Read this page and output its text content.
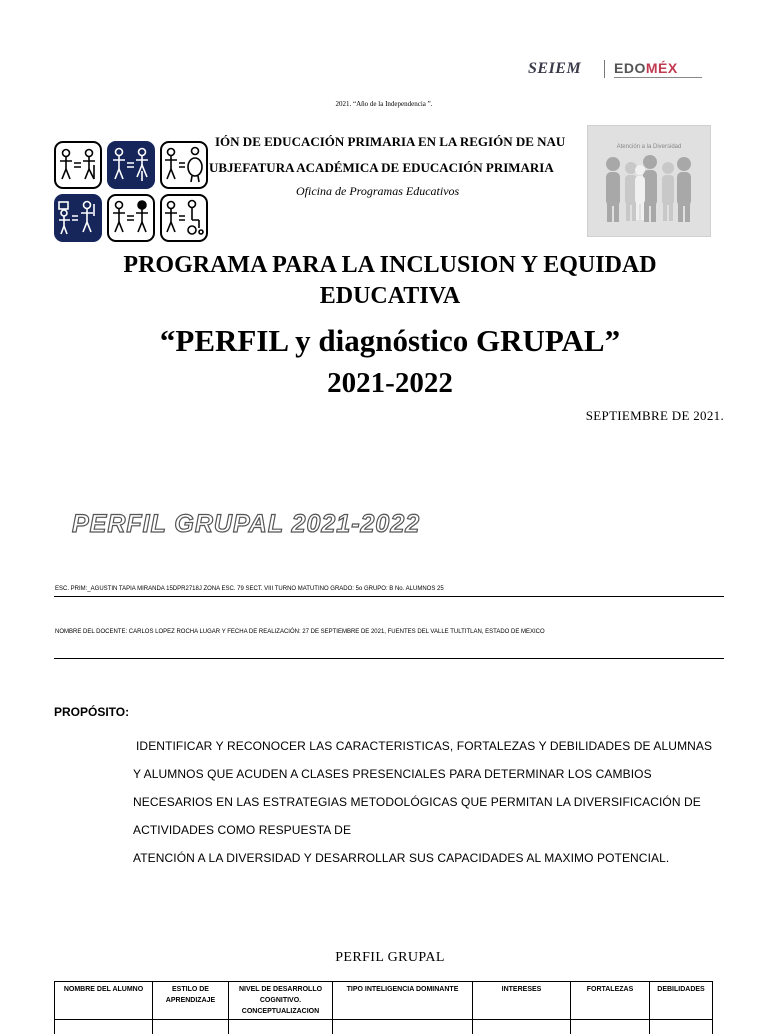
SEIEM EDOMÉX
2021. “Año de la Independencia ”.
IÓN DE EDUCACIÓN PRIMARIA EN LA REGIÓN DE NAU
UBJEFATURA ACADÉMICA DE EDUCACIÓN PRIMARIA
Oficina de Programas Educativos
Atención a la Diversidad
PROGRAMA PARA LA INCLUSION Y EQUIDAD EDUCATIVA
“PERFIL y diagnóstico GRUPAL”
2021-2022
SEPTIEMBRE DE 2021.
PERFIL GRUPAL 2021-2022
ESC. PRIM:_AGUSTIN TAPIA MIRANDA 15DPR2718J ZONA ESC. 79 SECT. VIII TURNO MATUTINO GRADO: 5o GRUPO: B No. ALUMNOS 25
NOMBRE DEL DOCENTE: CARLOS LOPEZ ROCHA LUGAR Y FECHA DE REALIZACIÓN: 27 DE SEPTIEMBRE DE 2021, FUENTES DEL VALLE TULTITLAN, ESTADO DE MEXICO
PROPÓSITO:
IDENTIFICAR Y RECONOCER LAS CARACTERISTICAS, FORTALEZAS Y DEBILIDADES DE ALUMNAS
Y ALUMNOS QUE ACUDEN A CLASES PRESENCIALES PARA DETERMINAR LOS CAMBIOS
NECESARIOS EN LAS ESTRATEGIAS METODOLÓGICAS QUE PERMITAN LA DIVERSIFICACIÓN DE
ACTIVIDADES COMO RESPUESTA DE
ATENCIÓN A LA DIVERSIDAD Y DESARROLLAR SUS CAPACIDADES AL MAXIMO POTENCIAL.
PERFIL GRUPAL
NOMBRE DEL ALUMNO	ESTILO DE APRENDIZAJE	NIVEL DE DESARROLLO COGNITIVO. CONCEPTUALIZACION	TIPO INTELIGENCIA DOMINANTE	INTERESES	FORTALEZAS	DEBILIDADES
